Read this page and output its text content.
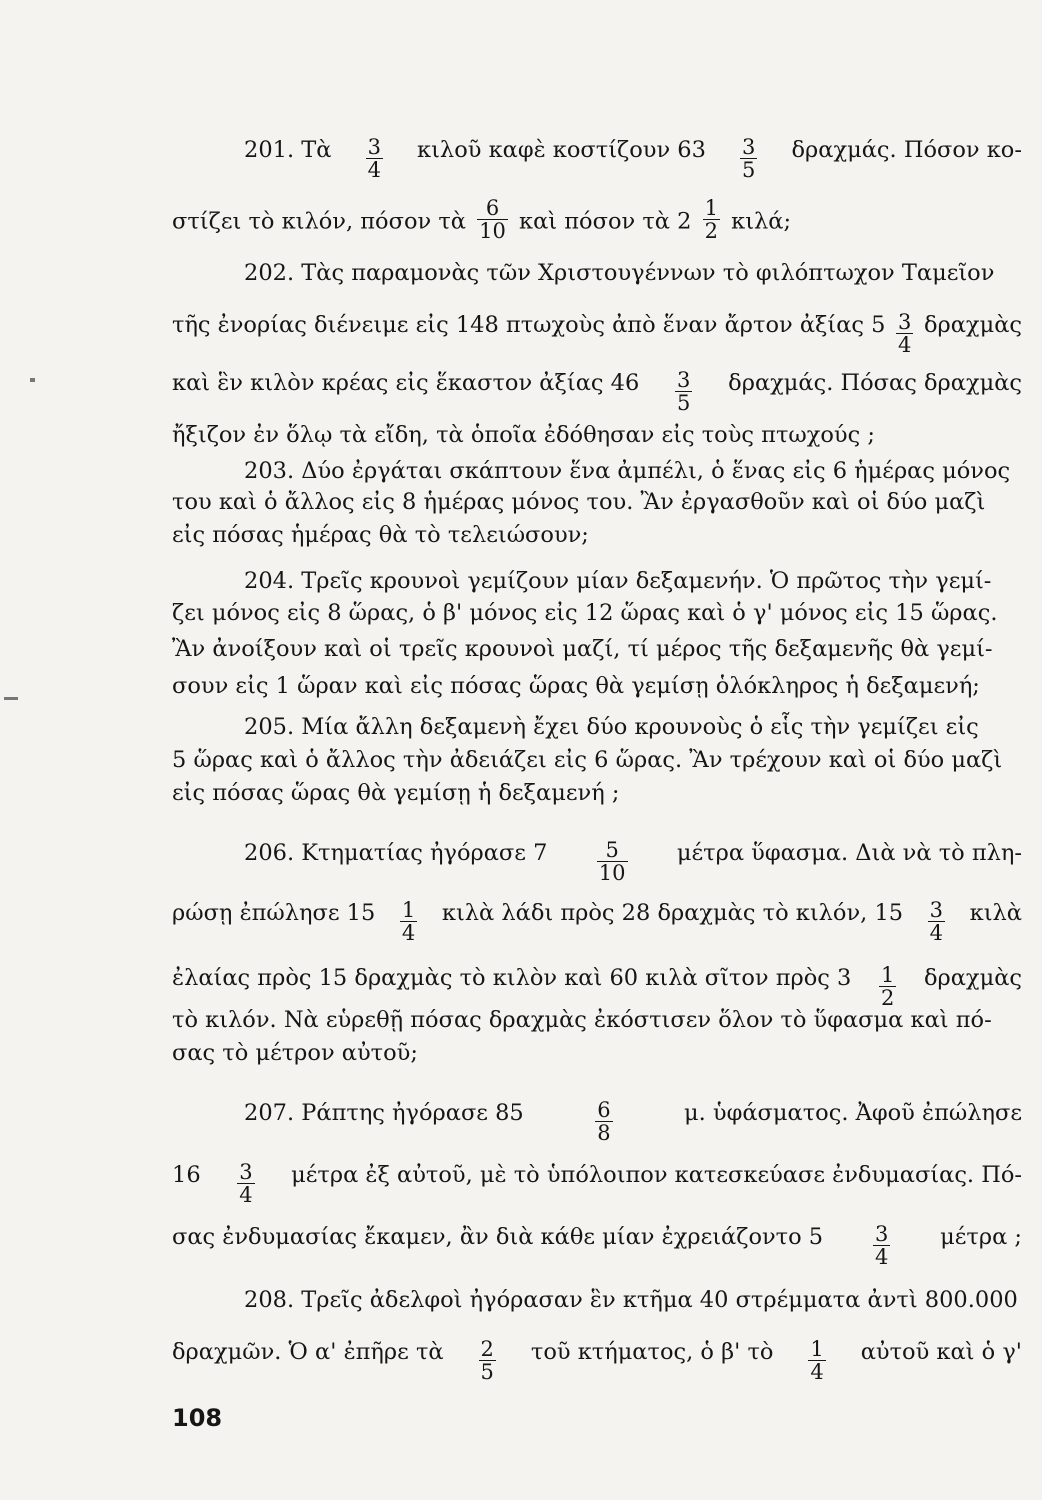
201. Τὰ $\frac{3}{4}$ κιλοῦ καφὲ κοστίζουν $63 \frac{3}{5} \delta\rho\alpha\chi\mu ά\varsigma$. Πόσον κο-
στίζει τὸ κιλόν, πόσον τὰ $\frac{6}{10}$ καὶ πόσον τὰ $2 \frac{1}{2} \kappa\iota\lambda ά$;
202. Τὰς παραμονὰς τῶν Χριστουγέννων τὸ φιλόπτωχον Ταμεῖον
τῆς ἐνορίας διένειμε εἰς 148 πτωχοὺς ἀπὸ ἕναν ἄρτον ἀξίας $5 \frac{3}{4}$ δραχμὰς
καὶ ἓν κιλὸν κρέας εἰς ἕκαστον ἀξίας $46 \frac{3}{5} \delta\rho\alpha\chi\mu ά\varsigma$. Πόσας δραχμὰς
ἤξιζον ἐν ὅλῳ τὰ εἴδη, τὰ ὁποῖα ἐδόθησαν εἰς τοὺς πτωχούς ;
203. Δύο ἐργάται σκάπτουν ἕνα ἀμπέλι, ὁ ἕνας εἰς 6 ἡμέρας μόνος
του καὶ ὁ ἄλλος εἰς 8 ἡμέρας μόνος του. Ἂν ἐργασθοῦν καὶ οἱ δύο μαζὶ
εἰς πόσας ἡμέρας θὰ τὸ τελειώσουν;
204. Τρεῖς κρουνοὶ γεμίζουν μίαν δεξαμενήν. Ὁ πρῶτος τὴν γεμί-
ζει μόνος εἰς 8 ὥρας, ὁ β' μόνος εἰς 12 ὥρας καὶ ὁ γ' μόνος εἰς 15 ὥρας.
Ἂν ἀνοίξουν καὶ οἱ τρεῖς κρουνοὶ μαζί, τί μέρος τῆς δεξαμενῆς θὰ γεμί-
σουν εἰς 1 ὥραν καὶ εἰς πόσας ὥρας θὰ γεμίσῃ ὁλόκληρος ἡ δεξαμενή;
205. Μία ἄλλη δεξαμενὴ ἔχει δύο κρουνοὺς ὁ εἷς τὴν γεμίζει εἰς
5 ὥρας καὶ ὁ ἄλλος τὴν ἀδειάζει εἰς 6 ὥρας. Ἂν τρέχουν καὶ οἱ δύο μαζὶ
εἰς πόσας ὥρας θὰ γεμίσῃ ἡ δεξαμενή ;
206. Κτηματίας ἠγόρασε $7 \frac{5}{10}$ μέτρα ὕφασμα. Διὰ νὰ τὸ πλη-
ρώσῃ ἐπώλησε $15 \frac{1}{4}$ κιλὰ λάδι πρὸς 28 δραχμὰς τὸ κιλόν, $15 \frac{3}{4}$ κιλὰ
ἐλαίας πρὸς 15 δραχμὰς τὸ κιλὸν καὶ 60 κιλὰ σῖτον πρὸς $3 \frac{1}{2}$ δραχμὰς
τὸ κιλόν. Νὰ εὑρεθῇ πόσας δραχμὰς ἐκόστισεν ὅλον τὸ ὕφασμα καὶ πό-
σας τὸ μέτρον αὐτοῦ;
207. Ράπτης ἠγόρασε 85	$\frac{6}{8}$	μ. ὑφάσματος. Ἀφοῦ ἐπώλησε
$16 \frac{3}{4}$ μέτρα ἐξ αὐτοῦ, μὲ τὸ ὑπόλοιπον κατεσκεύασε ἐνδυμασίας. Πό-
σας ἐνδυμασίας ἔκαμεν, ἂν διὰ κάθε μίαν ἐχρειάζοντο $5 \frac{3}{4}$ μέτρα ;
208. Τρεῖς ἀδελφοὶ ἠγόρασαν ἓν κτῆμα 40 στρέμματα ἀντὶ 800.000
δραχμῶν. Ὁ α' ἐπῆρε τὰ $\frac{2}{5}$ τοῦ κτήματος, ὁ β' τὸ $\frac{1}{4}$ αὐτοῦ καὶ ὁ γ'
108
